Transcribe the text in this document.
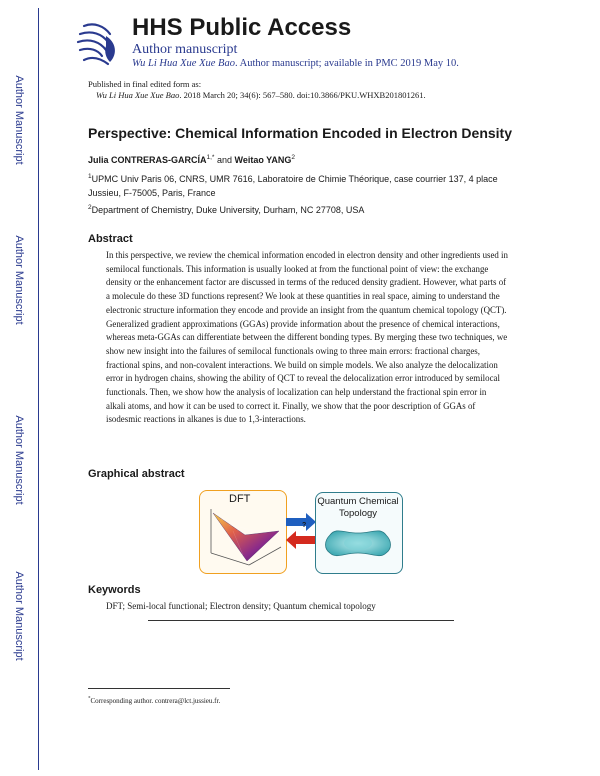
HHS Public Access
Author manuscript
Wu Li Hua Xue Xue Bao. Author manuscript; available in PMC 2019 May 10.
Author Manuscript
Author Manuscript
Author Manuscript
Author Manuscript
Published in final edited form as:
Wu Li Hua Xue Xue Bao. 2018 March 20; 34(6): 567–580. doi:10.3866/PKU.WHXB201801261.
Perspective: Chemical Information Encoded in Electron Density
Julia CONTRERAS-$GARCÍA^{1,*}$ and Weitao YANG$^2$
$^1$UPMC Univ Paris 06, CNRS, UMR 7616, Laboratoire de Chimie Théorique, case courrier 137, 4 place Jussieu, F-75005, Paris, France
$^2$Department of Chemistry, Duke University, Durham, NC 27708, USA
Abstract
In this perspective, we review the chemical information encoded in electron density and other ingredients used in semilocal functionals. This information is usually looked at from the functional point of view: the exchange density or the enhancement factor are discussed in terms of the reduced density gradient. However, what parts of a molecule do these 3D functions represent? We look at these quantities in real space, aiming to understand the electronic structure information they encode and provide an insight from the quantum chemical topology (QCT). Generalized gradient approximations (GGAs) provide information about the presence of chemical interactions, whereas meta-GGAs can differentiate between the different bonding types. By merging these two techniques, we show new insight into the failures of semilocal functionals owing to three main errors: fractional charges, fractional spins, and non-covalent interactions. We build on simple models. We also analyze the delocalization error in hydrogen chains, showing the ability of QCT to reveal the delocalization error introduced by semilocal functionals. Then, we show how the analysis of localization can help understand the fractional spin error in alkali atoms, and how it can be used to correct it. Finally, we show that the poor description of GGAs of isodesmic reactions in alkanes is due to 1,3-interactions.
Graphical abstract
DFT
?
Quantum Chemical Topology
Keywords
DFT; Semi-local functional; Electron density; Quantum chemical topology
*Corresponding author. contrera@lct.jussieu.fr.
